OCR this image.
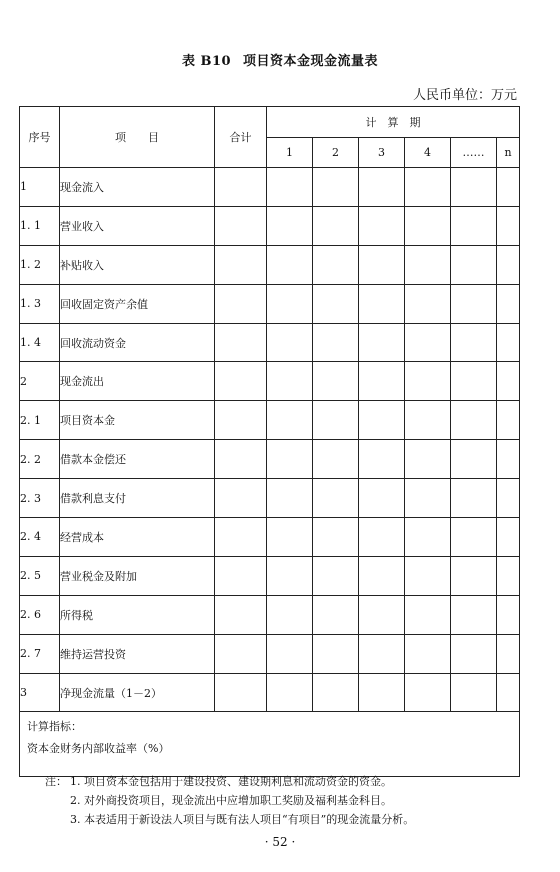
表 B10 项目资本金现金流量表
人民币单位：万元
序号	项　　目	合计	计　算　期					
			1	2	3	4	……	n
1	现金流入							
1. 1	营业收入							
1. 2	补贴收入							
1. 3	回收固定资产余值							
1. 4	回收流动资金							
2	现金流出							
2. 1	项目资本金							
2. 2	借款本金偿还							
2. 3	借款利息支付							
2. 4	经营成本							
2. 5	营业税金及附加							
2. 6	所得税							
2. 7	维持运营投资							
3	净现金流量（1－2）							

计算指标：
资本金财务内部收益率（%）								
注： 1. 项目资本金包括用于建设投资、建设期利息和流动资金的资金。
2. 对外商投资项目，现金流出中应增加职工奖励及福利基金科目。
3. 本表适用于新设法人项目与既有法人项目“有项目”的现金流量分析。
· 52 ·
